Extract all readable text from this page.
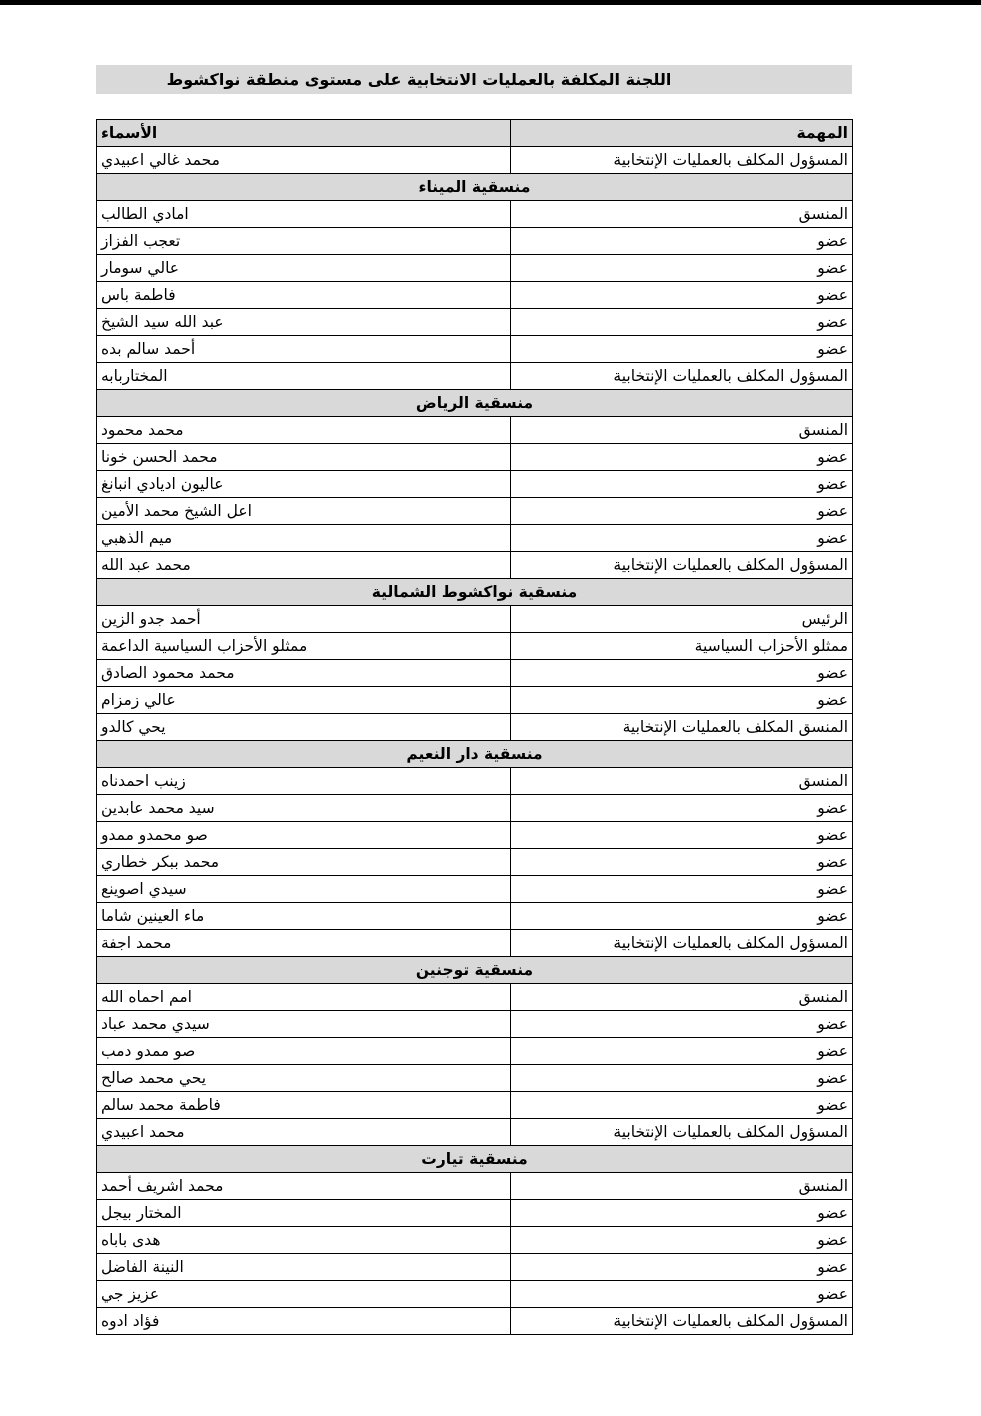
اللجنة المكلفة بالعمليات الانتخابية على مستوى منطقة نواكشوط
المهمة	الأسماء
المسؤول المكلف بالعمليات الإنتخابية	محمد غالي اعبيدي
منسقية الميناء	
المنسق	امادي الطالب
عضو	تعجب الفزاز
عضو	عالي سومار
عضو	فاطمة باس
عضو	عبد الله سيد الشيخ
عضو	أحمد سالم بده
المسؤول المكلف بالعمليات الإنتخابية	المختاربابه
منسقية الرياض	
المنسق	محمد محمود
عضو	محمد الحسن خونا
عضو	عاليون ادیادي انبانغ
عضو	اعل الشيخ محمد الأمين
عضو	ميم الذهبي
المسؤول المكلف بالعمليات الإنتخابية	محمد عبد الله
منسقية نواكشوط الشمالية	
الرئيس	أحمد جدو الزين
ممثلو الأحزاب السياسية	ممثلو الأحزاب السياسية الداعمة
عضو	محمد محمود الصادق
عضو	عالي زمزام
المنسق المكلف بالعمليات الإنتخابية	يحي كالدو
منسقية دار النعيم	
المنسق	زينب احمدناه
عضو	سيد محمد عابدين
عضو	صو محمدو ممدو
عضو	محمد ببكر خطاري
عضو	سيدي اصوينع
عضو	ماء العينين شاما
المسؤول المكلف بالعمليات الإنتخابية	محمد اجفة
منسقية توجنين	
المنسق	امم احماه الله
عضو	سيدي محمد عباد
عضو	صو ممدو دمب
عضو	يحي محمد صالح
عضو	فاطمة محمد سالم
المسؤول المكلف بالعمليات الإنتخابية	محمد اعبيدي
منسقية تيارت	
المنسق	محمد اشريف أحمد
عضو	المختار بيجل
عضو	هدى باباه
عضو	النينة الفاضل
عضو	عزيز جي
المسؤول المكلف بالعمليات الإنتخابية	فؤاد ادوه
